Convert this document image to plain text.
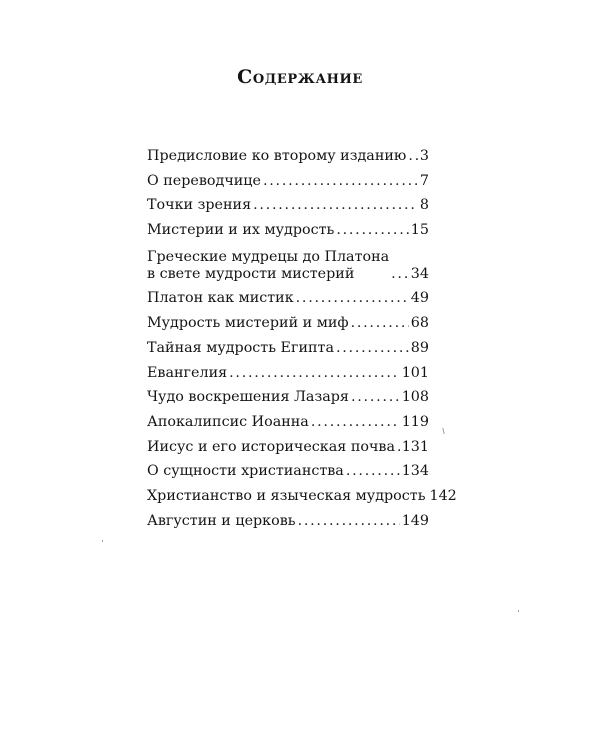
Содержание
Предисловие ко второму изданию . . . 3
О переводчице . . .	7
Точки зрения . . .	8
Мистерии и их мудрость . . .	15
Греческие мудрецы до Платона
в свете мудрости мистерий . . .	34
Платон как мистик . . .	49
Мудрость мистерий и миф . . .	68
Тайная мудрость Египта . . .	89
Евангелия . . .	101
Чудо воскрешения Лазаря . . .	108
Апокалипсис Иоанна . . .	119
Иисус и его историческая почва . . . 131
О сущности христианства . . .	134
Христианство и языческая мудрость 142
Августин и церковь . . .	149
